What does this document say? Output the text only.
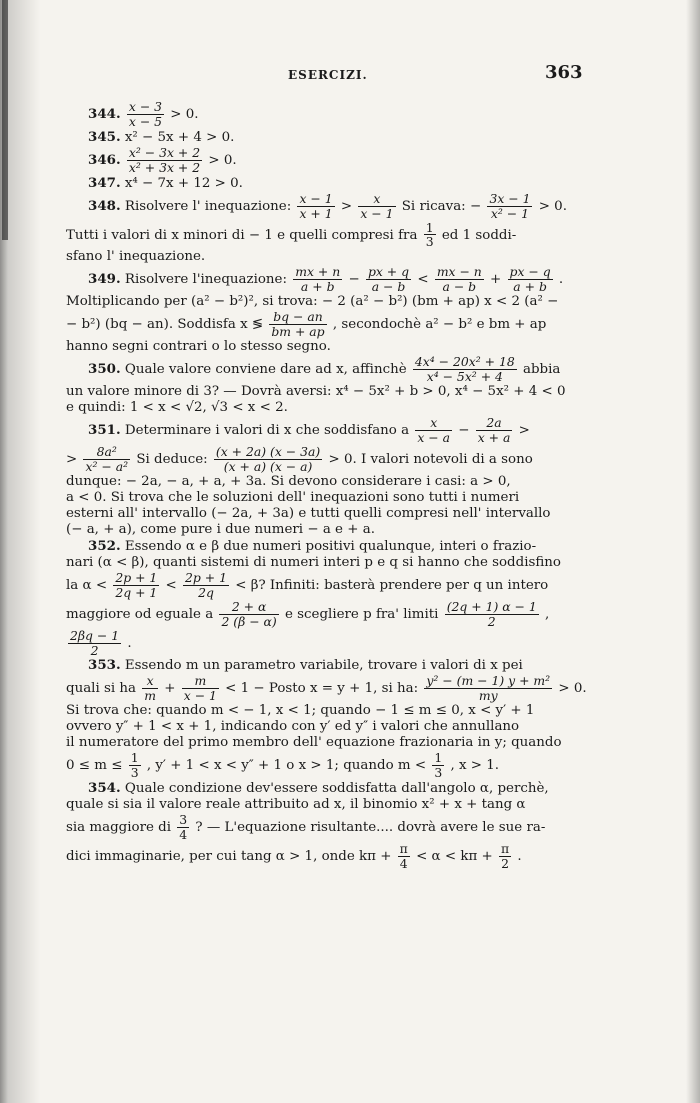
ESERCIZI.	363
344. $\frac{x - 3}{x - 5} > 0$.
345. x² − 5x + 4 > 0.
346. $\frac{\text{x² − 3x + 2}}{\text{x² + 3x + 2}} > 0$.
347. x⁴ − 7x + 12 > 0.
348. Risolvere l' inequazione: $\frac{x - 1}{x + 1} > \frac{x}{x - 1}$ Si ricava: − $\frac{3x - 1}{\text{x² − 1}} > 0$.
Tutti i valori di x minori di − 1 e quelli compresi fra $\frac{1}{3}$ ed 1 soddi-
sfano l' inequazione.
349. Risolvere l'inequazione: $\frac{mx + n}{a + b} - \frac{px + q}{a - b} < \frac{mx - n}{a - b} + \frac{px - q}{a + b}$ .
Moltiplicando per (a² − b²)², si trova: − 2 (a² − b²) (bm + ap) x < 2 (a² −
− b²) (bq − an). Soddisfa x ≶ $\frac{bq - an}{bm + ap}$ , secondochè a² − b² e bm + ap
hanno segni contrari o lo stesso segno.
350. Quale valore conviene dare ad x, affinchè $\frac{\text{4x⁴ − 20x² + 18}}{\text{x⁴ − 5x² + 4}}$ abbia
un valore minore di 3? — Dovrà aversi: x⁴ − 5x² + b > 0, x⁴ − 5x² + 4 < 0
e quindi: 1 < x < √2, √3 < x < 2.
351. Determinare i valori di x che soddisfano a $\frac{x}{x - a} - \frac{2a}{x + a}$ >
> $\frac{\text{8a²}}{\text{x² − a²}}$ Si deduce: $\frac{(x + 2a) (x - 3a)}{(x + a) (x - a)} > 0$. I valori notevoli di a sono
dunque: − 2a, − a, + a, + 3a. Si devono considerare i casi: a > 0,
a < 0. Si trova che le soluzioni dell' inequazioni sono tutti i numeri
esterni all' intervallo (− 2a, + 3a) e tutti quelli compresi nell' intervallo
(− a, + a), come pure i due numeri − a e + a.
352. Essendo α e β due numeri positivi qualunque, interi o frazio-
nari (α < β), quanti sistemi di numeri interi p e q si hanno che soddisfino
la $\alpha < \frac{2p + 1}{2q + 1} < \frac{2p + 1}{2q} < \beta$? Infiniti: basterà prendere per q un intero
maggiore od eguale a $\frac{2 + \alpha}{2 (\beta - \alpha)}$ e scegliere p fra' limiti $\frac{(2q + 1) \alpha - 1}{2}$ ,
$\frac{2\beta q - 1}{2}$ .
353. Essendo m un parametro variabile, trovare i valori di x pei
quali si ha $\frac{x}{m} + \frac{m}{x - 1} < 1$ − Posto x = y + 1, si ha: $\frac{\text{y² − (m − 1) y + m²}}{my} > 0$.
Si trova che: quando m < − 1, x < 1; quando − 1 ≤ m ≤ 0, x < y′ + 1
ovvero y″ + 1 < x + 1, indicando con y′ ed y″ i valori che annullano
il numeratore del primo membro dell' equazione frazionaria in y; quando
$0 \le m \le \frac{1}{3}$ , y′ + 1 < x < y″ + 1 o x > 1; quando $m < \frac{1}{3}$ , x > 1.
354. Quale condizione dev'essere soddisfatta dall'angolo α, perchè,
quale si sia il valore reale attribuito ad x, il binomio x² + x + tang α
sia maggiore di $\frac{3}{4}$ ? — L'equazione risultante.... dovrà avere le sue ra-
dici immaginarie, per cui tang α > 1, onde $k\pi + \frac{\pi}{4} < \alpha < k\pi + \frac{\pi}{2}$ .
